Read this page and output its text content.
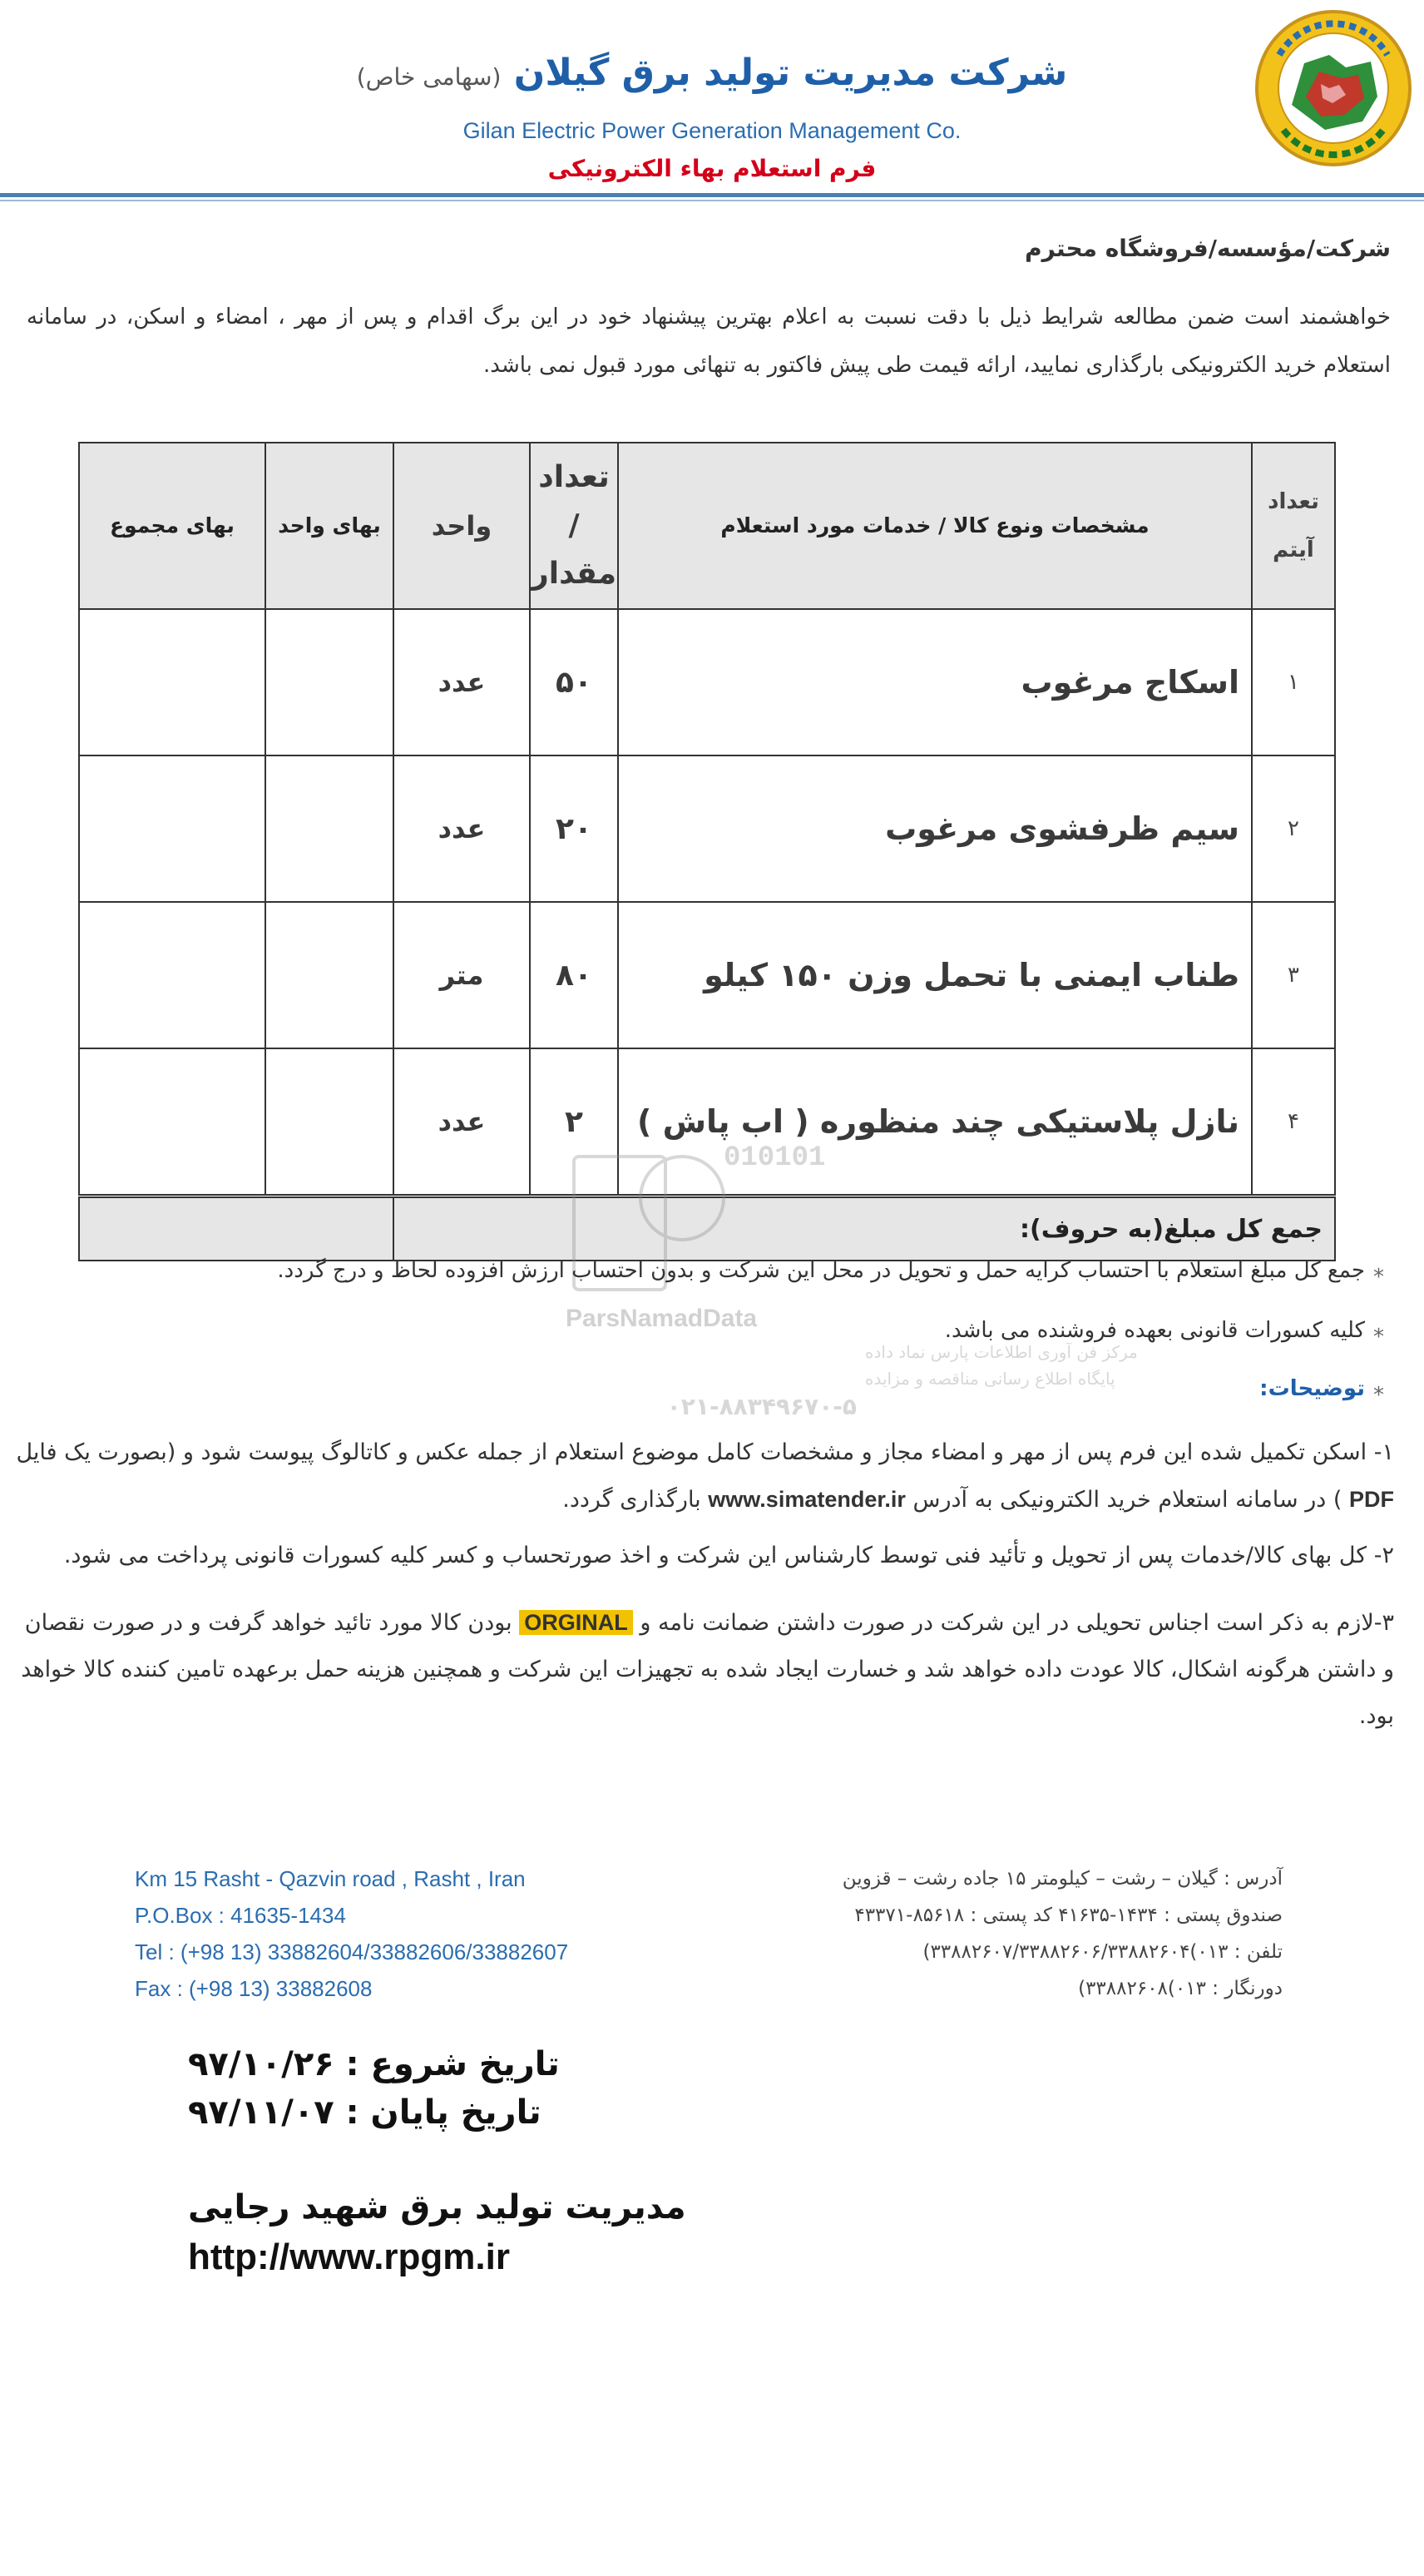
شرکت مدیریت تولید برق گیلان (سهامی خاص)
Gilan Electric Power Generation Management Co.
فرم استعلام بهاء الکترونیکی
شرکت/مؤسسه/فروشگاه محترم
خواهشمند است ضمن مطالعه شرایط ذیل با دقت نسبت به اعلام بهترین پیشنهاد خود در این برگ اقدام و پس از مهر ، امضاء و اسکن، در سامانه استعلام خرید الکترونیکی بارگذاری نمایید، ارائه قیمت طی پیش فاکتور به تنهائی مورد قبول نمی باشد.
تعداد آیتم	مشخصات ونوع کالا / خدمات مورد استعلام	تعداد / مقدار	واحد	بهای واحد	بهای مجموع
۱	اسکاج مرغوب	۵۰	عدد		
۲	سیم ظرفشوی مرغوب	۲۰	عدد		
۳	طناب ایمنی با تحمل وزن ۱۵۰ کیلو	۸۰	متر		
۴	نازل پلاستیکی چند منظوره ( اب پاش )	۲	عدد		
جمع کل مبلغ(به حروف):					
010101
ParsNamadData
مرکز فن آوری اطلاعات پارس نماد داده
پایگاه اطلاع رسانی مناقصه و مزایده
۰۲۱-۸۸۳۴۹۶۷۰-۵
⁎جمع کل مبلغ استعلام با احتساب کرایه حمل و تحویل در محل این شرکت و بدون احتساب ارزش افزوده لحاظ و درج گردد.
⁎کلیه کسورات قانونی بعهده فروشنده می باشد.
⁎توضیحات:
۱- اسکن تکمیل شده این فرم پس از مهر و امضاء مجاز و مشخصات کامل موضوع استعلام از جمله عکس و کاتالوگ پیوست شود و (بصورت یک فایل PDF ) در سامانه استعلام خرید الکترونیکی به آدرس www.simatender.ir بارگذاری گردد.
۲- کل بهای کالا/خدمات پس از تحویل و تأئید فنی توسط کارشناس این شرکت و اخذ صورتحساب و کسر کلیه کسورات قانونی پرداخت می شود.
۳-لازم به ذکر است اجناس تحویلی در این شرکت در صورت داشتن ضمانت نامه و ORGINAL بودن کالا مورد تائید خواهد گرفت و در صورت نقصان و داشتن هرگونه اشکال، کالا عودت داده خواهد شد و خسارت ایجاد شده به تجهیزات این شرکت و همچنین هزینه حمل برعهده تامین کننده کالا خواهد بود.
Km 15 Rasht - Qazvin road , Rasht , Iran
P.O.Box : 41635-1434
Tel : (+98 13) 33882604/33882606/33882607
Fax : (+98 13) 33882608
آدرس : گیلان – رشت – کیلومتر ۱۵ جاده رشت – قزوین
صندوق پستی : ۱۴۳۴-۴۱۶۳۵ کد پستی : ۸۵۶۱۸-۴۳۳۷۱
تلفن : ۰۱۳)۳۳۸۸۲۶۰۷/۳۳۸۸۲۶۰۶/۳۳۸۸۲۶۰۴)
دورنگار : ۰۱۳)۳۳۸۸۲۶۰۸)
تاریخ شروع : ۹۷/۱۰/۲۶
تاریخ پایان : ۹۷/۱۱/۰۷
مدیریت تولید برق شهید رجایی
http://www.rpgm.ir
